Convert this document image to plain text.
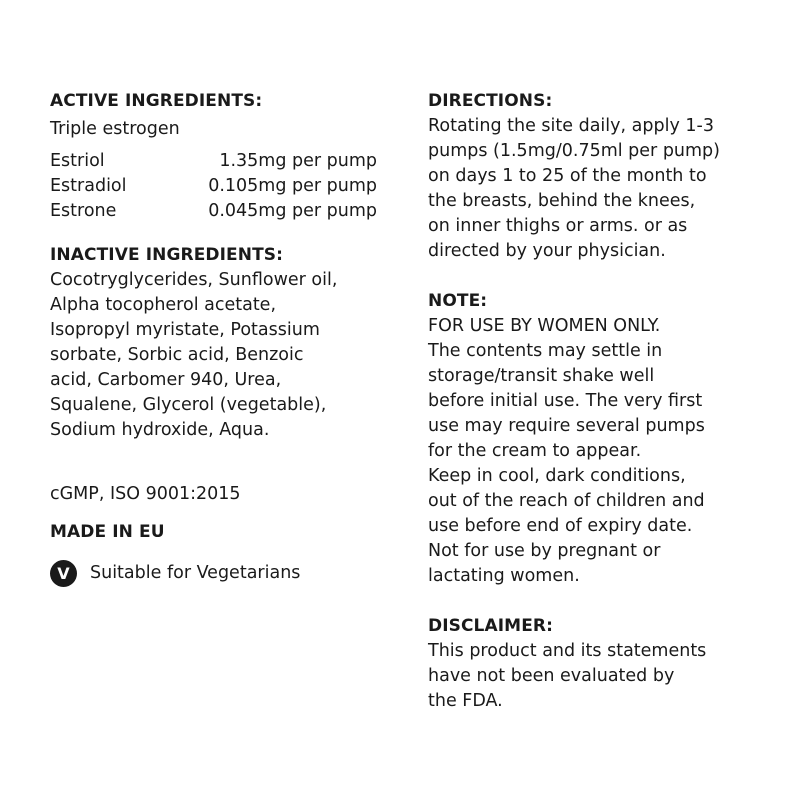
ACTIVE INGREDIENTS:

Triple estrogen

Estriol	1.35mg per pump
Estradiol	0.105mg per pump
Estrone	0.045mg per pump

INACTIVE INGREDIENTS:

Cocotryglycerides, Sunflower oil,

Alpha tocopherol acetate,

Isopropyl myristate, Potassium

sorbate, Sorbic acid, Benzoic

acid, Carbomer 940, Urea,

Squalene, Glycerol (vegetable),

Sodium hydroxide, Aqua.

cGMP, ISO 9001:2015

MADE IN EU

V	Suitable for Vegetarians

DIRECTIONS:

Rotating the site daily, apply 1-3

pumps (1.5mg/0.75ml per pump)

on days 1 to 25 of the month to

the breasts, behind the knees,

on inner thighs or arms. or as

directed by your physician.

NOTE:

FOR USE BY WOMEN ONLY.

The contents may settle in

storage/transit shake well

before initial use. The very first

use may require several pumps

for the cream to appear.

Keep in cool, dark conditions,

out of the reach of children and

use before end of expiry date.

Not for use by pregnant or

lactating women.

DISCLAIMER:

This product and its statements

have not been evaluated by

the FDA.
